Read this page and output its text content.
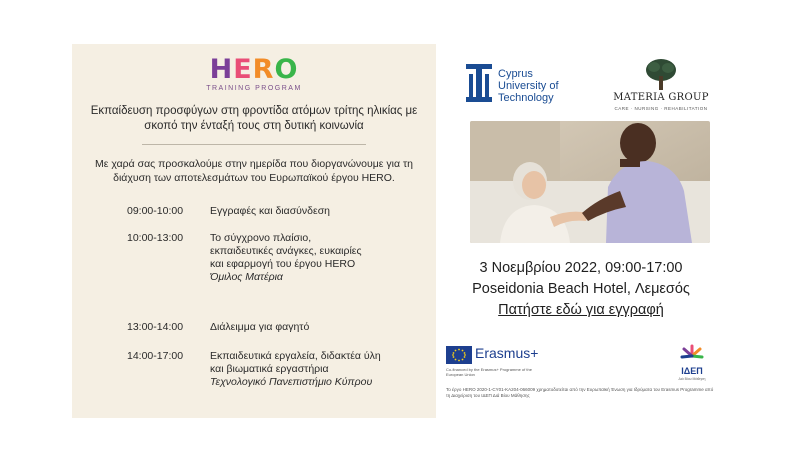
HERO
TRAINING PROGRAM
Εκπαίδευση προσφύγων στη φροντίδα ατόμων τρίτης ηλικίας με σκοπό την ένταξή τους στη δυτική κοινωνία
Με χαρά σας προσκαλούμε στην ημερίδα που διοργανώνουμε για τη διάχυση των αποτελεσμάτων του Ευρωπαϊκού έργου HERO.
09:00-10:00	Εγγραφές και διασύνδεση
10:00-13:00	Το σύγχρονο πλαίσιο,
εκπαιδευτικές ανάγκες, ευκαιρίες
και εφαρμογή του έργου HERO
Όμιλος Ματέρια
13:00-14:00	Διάλειμμα για φαγητό
14:00-17:00	Εκπαιδευτικά εργαλεία, διδακτέα ύλη
και βιωματικά εργαστήρια
Τεχνολογικό Πανεπιστήμιο Κύπρου
Cyprus
University of
Technology	MATERIA GROUP
CARE · NURSING · REHABILITATION
3 Νοεμβρίου 2022, 09:00-17:00
Poseidonia Beach Hotel, Λεμεσός
Πατήστε εδώ για εγγραφή
Erasmus+
Co-financed by the Erasmus+ Programme of the European Union	ΙΔΕΠ
Διά Βίου Μάθηση
Το έργο HERO 2020-1-CY01-KA204-066009 χρηματοδοτείται από την Ευρωπαϊκή Ένωση για Ιδρύματα του Erasmus Programme από τη Διαχείριση του ΙΔΕΠ Διά Βίου Μάθησης
